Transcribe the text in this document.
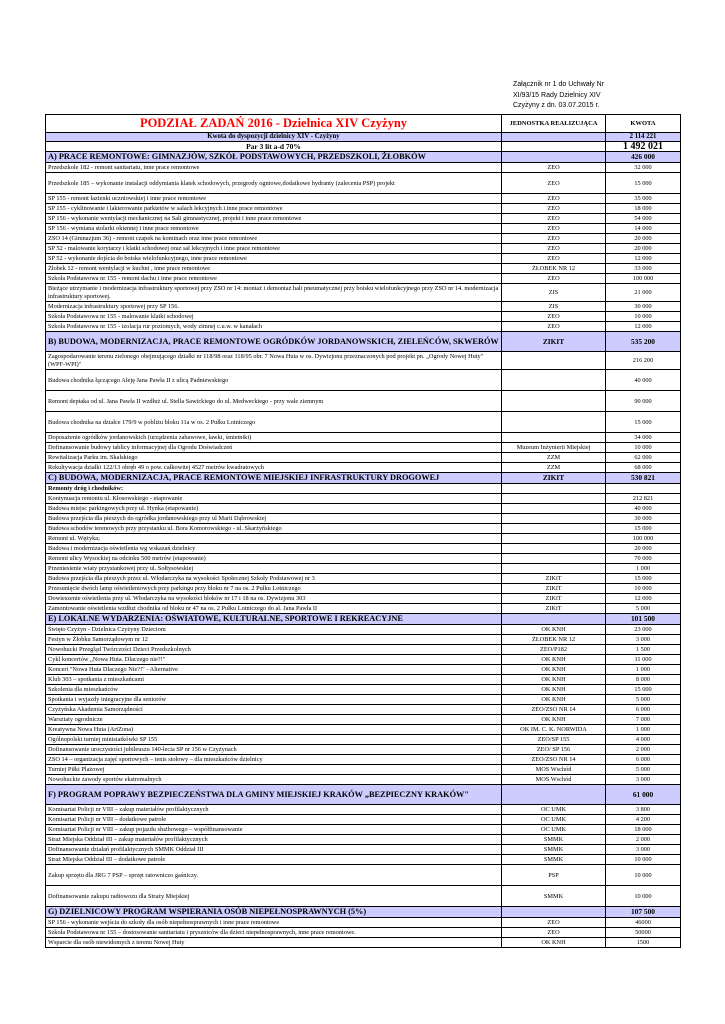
Załącznik nr 1 do Uchwały Nr
XI/93/15 Rady Dzielnicy XIV
Czyżyny z dn. 03.07.2015 r.
PODZIAŁ ZADAŃ 2016 - Dzielnica XIV Czyżyny	JEDNOSTKA REALIZUJĄCA	KWOTA
Kwota do dyspozycji dzielnicy XIV - Czyżyny		2 114 221
Par 3 lit a-d 70%		1 492 021
A) PRACE REMONTOWE: GIMNAZJÓW, SZKÓŁ PODSTAWOWYCH, PRZEDSZKOLI, ŻŁOBKÓW		426 000
Przedszkole 182 - remont sanitariatu, inne prace remontowe	ZEO	32 000
Przedszkole 185 – wykonanie instalacji oddymiania klatek schodowych, przegrody ogniowe,dodatkowe hydranty (zalecenia PSP) projekt	ZEO	15 000
SP 155 - remont łazienki uczniowskiej i inne prace remontowe	ZEO	35 000
SP 155 - cyklinowanie i lakierowanie parkietów w salach lekcyjnych i inne prace remontowe	ZEO	18 000
SP 156 - wykonanie wentylacji mechanicznej na Sali gimnastycznej, projekt i inne prace remontowe	ZEO	54 000
SP 156 - wymiana stolarki okiennej i inne prace remontowe	ZEO	14 000
ZSO 14 (Gimnazjum 36) - remont czapek na kominach oraz inne prace remontowe	ZEO	20 000
SP 52 - malowanie korytarzy i klatki schodowej oraz sal lekcyjnych i inne prace remontowe	ZEO	20 000
SP 52 - wykonanie dojścia do boiska wielofunkcyjnego, inne prace remontowe	ZEO	12 000
Żłobek 12 - remont wentylacji w kuchni , inne prace remontowe	ŻŁOBEK NR 12	33 000
Szkoła Podstawowa nr 155 - remont dachu i inne prace remontowe	ZEO	100 000
Bieżące utrzymanie i modernizacja infrastruktury sportowej przy ZSO nr 14: montaż i demontaż hali pneumatycznej przy boisku wielofunkcyjnego przy ZSO nr 14. modernizacja infrastruktury sportowej.	ZIS	21 000
Modernizacja infrastruktury sportowej przy SP 156.	ZIS	30 000
Szkoła Podstawowa nr 155 - malowanie klatki schodowej	ZEO	10 000
Szkoła Podstawowa nr 155 - izolacja rur poziomych, wody zimnej c.u.w. w kanałach	ZEO	12 000
B) BUDOWA, MODERNIZACJA, PRACE REMONTOWE OGRÓDKÓW JORDANOWSKICH, ZIELEŃCÓW, SKWERÓW	ZIKIT	535 200
Zagospodarowanie terenu zielonego obejmującego działki nr 118/98 oraz 118/95 obr. 7 Nowa Huta w os. Dywizjonu przeznaczonych pod projekt pn. „Ogrody Nowej Huty" (WPF-WPI)"		216 200
Budowa chodnika łączącego Aleję Jana Pawła II z ulicą Padniewskiego		40 000
Remont deptaka od ul. Jana Pawła II wzdłuż ul. Stella Sawickiego do ul. Medweckiego - przy wale ziemnym		90 000
Budowa chodnika na działce 179/9 w pobliżu bloku 11a w os. 2 Pułku Lotniczego		15 000
Doposażenie ogródków jordanowskich (urządzenia zabawowe, ławki, śmietniki)		34 000
Dofinansowanie budowy tablicy informacyjnej dla Ogrodu Doświadczeń	Muzeum Inżynierii Miejskiej	10 000
Rewitalizacja Parku im. Skalskiego	ZZM	62 000
Rekultywacja działki 122/13 obręb 49 o pow. całkowitej 4527 metrów kwadratowych	ZZM	68 000
C) BUDOWA, MODERNIZACJA, PRACE REMONTOWE MIEJSKIEJ INFRASTRUKTURY DROGOWEJ	ZIKIT	530 821
Remonty dróg i chodników:		
Kontynuacja remontu ul. Kłosowskiego - etapowanie		212 821
Budowa miejsc parkingowych przy ul. Hynka (etapowanie)		40 000
Budowa przejścia dla pieszych do ogródka jordanowskiego przy ul Marii Dąbrowskiej		30 000
Budowa schodów terenowych przy przystanku ul. Bora Komorowskiego - ul. Skarżyńskiego		15 000
Remont ul. Wężyka;		100 000
Budowa i modernizacja oświetlenia wg wskazań dzielnicy		20 000
Remont ulicy Wysockiej na odcinku 500 metrów (etapowanie)		70 000
Przeniesienie wiaty przystankowej przy ul. Sołtysowskiej		1 000
Budowa przejścia dla pieszych przez ul. Włodarczyka na wysokości Społecznej Szkoły Podstawowej nr 3	ZIKiT	15 000
Przesunięcie dwóch lamp oświetleniowych przy parkingu przy bloku nr 7 na os. 2 Pułku Lotniczego	ZIKiT	10 000
Dowieszenie oświetlenia przy ul. Włodarczyka na wysokości bloków nr 17 i 18 na os. Dywizjonu 303	ZIKiT	12 000
Zamontowanie oświetlenia wzdłuż chodnika od bloku nr 47 na os. 2 Pułku Lotniczego do al. Jana Pawła II	ZIKiT	5 000
E) LOKALNE WYDARZENIA: OŚWIATOWE, KULTURALNE, SPORTOWE I REKREACYJNE		101 500
Święto Czyżyn - Dzielnica Czyżyny Dzieciom	OK KNH	23 000
Festyn w Żłobku Samorządowym nr 12	ŻŁOBEK NR 12	3 000
Nowohucki Przegląd Twórczości Dzieci Przedszkolnych	ZEO/P182	1 500
Cykl koncertów „Nowa Huta. Dlaczego nie?!"	OK KNH	11 000
Koncert "Nowa Huta Dlaczego Nie?!" - Alternative	OK KNH	1 000
Klub 303 – spotkania z mieszkańcami	OK KNH	8 000
Szkolenia dla mieszkańców	OK KNH	15 000
Spotkania i wyjazdy integracyjne dla seniorów	OK KNH	5 000
Czyżyńska Akademia Samorządności	ZEO/ZSO NR 14	6 000
Warsztaty ogrodnicze	OK KNH	7 000
Kreatywna Nowa Huta (ArtZona)	OK IM. C. K. NORWIDA	1 000
Ogólnopolski turniej minisiatkówki SP 155	ZEO/SP 155	4 000
Dofinansowanie uroczystości jubileuszu 140-lecia SP nr 156 w Czyżynach	ZEO/ SP 156	2 000
ZSO 14 – organizacja zajęć sportowych – tenis stołowy – dla mieszkańców dzielnicy	ZEO/ZSO NR 14	6 000
Turniej Piłki Plażowej	MOS Wschód	5 000
Nowohuckie zawody sportów ekstremalnych	MOS Wschód	3 000
F) PROGRAM POPRAWY BEZPIECZEŃSTWA DLA GMINY MIEJSKIEJ KRAKÓW „BEZPIECZNY KRAKÓW"		61 000
Komisariat Policji nr VIII – zakup materiałów profilaktycznych	OC UMK	3 800
Komisariat Policji nr VIII – dodatkowe patrole	OC UMK	4 200
Komisariat Policji nr VIII – zakup pojazdu służbowego – współfinansowanie	OC UMK	18 000
Straż Miejska Oddział III – zakup materiałów profilaktycznych	SMMK	2 000
Dofinansowanie działań profilaktycznych SMMK Oddział III	SMMK	3 000
Straż Miejska Oddział III – dodatkowe patrole	SMMK	10 000
Zakup sprzętu dla JRG 7 PSP – sprzęt ratowniczo gaśniczy.	PSP	10 000
Dofinansowanie zakupu radiowozu dla Straży Miejskiej	SMMK	10 000
G) DZIELNICOWY PROGRAM WSPIERANIA OSÓB NIEPEŁNOSPRAWNYCH (5%)		107 500
SP 156 - wykonanie wejścia do szkoły dla osób niepełnosprawnych i inne prace remontowe	ZEO	46000
Szkoła Podstawowa nr 155 – dostosowanie sanitariatu i pryszniców dla dzieci niepełnosprawnych, inne prace remontowe.	ZEO	50000
Wsparcie dla osób niewidomych z terenu Nowej Huty	OK KNH	1500
